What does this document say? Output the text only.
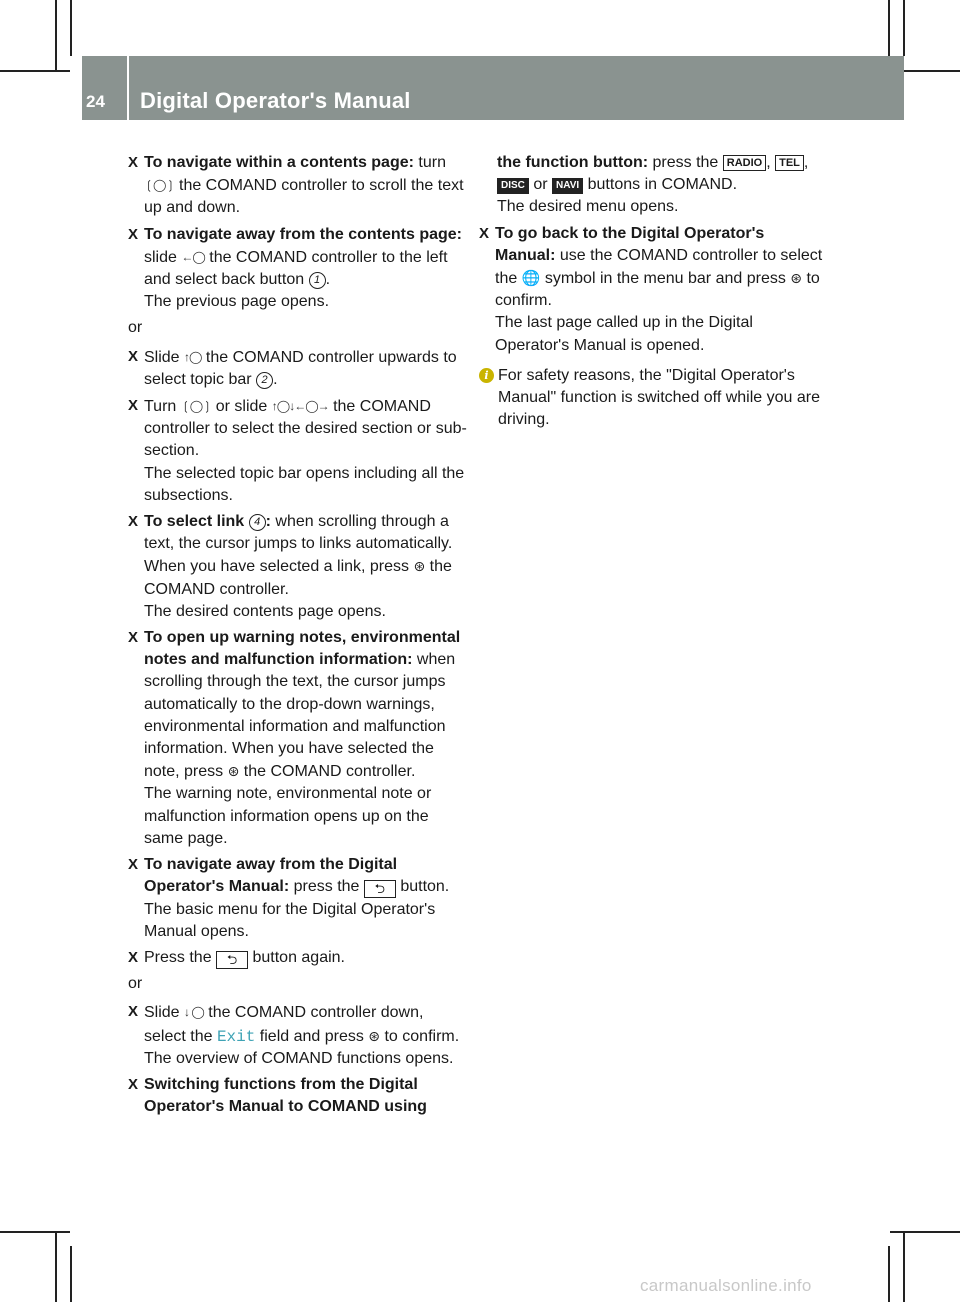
24 Digital Operator's Manual
X To navigate within a contents page: turn ❲◯❳ the COMAND controller to scroll the text up and down.
X To navigate away from the contents page: slide ←◯ the COMAND controller to the left and select back button 1 .

The previous page opens.

or

X Slide ↑◯ the COMAND controller upwards to select topic bar 2 .
X Turn ❲◯❳ or slide ↑◯↓←◯→ the COMAND controller to select the desired section or sub-section.

The selected topic bar opens including all the subsections.

X To select link 4 : when scrolling through a text, the cursor jumps to links automatically. When you have selected a link, press ⊛ the COMAND controller.

The desired contents page opens.

X To open up warning notes, environmental notes and malfunction information: when scrolling through the text, the cursor jumps automatically to the drop-down warnings, environmental information and malfunction information. When you have selected the note, press ⊛ the COMAND controller.

The warning note, environmental note or malfunction information opens up on the same page.

X To navigate away from the Digital Operator's Manual: press the ⮌ button.

The basic menu for the Digital Operator's Manual opens.

X Press the ⮌ button again.

or

X Slide ↓ ◯ the COMAND controller down, select the Exit field and press ⊛ to confirm.

The overview of COMAND functions opens.

X Switching functions from the Digital Operator's Manual to COMAND using
the function button: press the RADIO , TEL , DISC or NAVI buttons in COMAND.

The desired menu opens.

X To go back to the Digital Operator's Manual: use the COMAND controller to select the 🌐 symbol in the menu bar and press ⊛ to confirm.

The last page called up in the Digital Operator's Manual is opened.

i For safety reasons, the "Digital Operator's Manual" function is switched off while you are driving.
carmanualsonline.info
